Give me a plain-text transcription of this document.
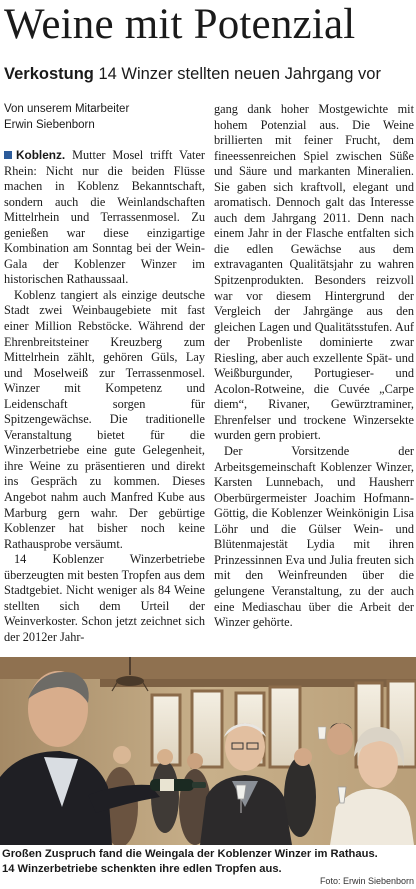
Weine mit Potenzial
Verkostung 14 Winzer stellten neuen Jahrgang vor
Von unserem Mitarbeiter
Erwin Siebenborn

Koblenz. Mutter Mosel trifft Vater Rhein: Nicht nur die beiden Flüsse machen in Koblenz Bekanntschaft, sondern auch die Weinlandschaften Mittelrhein und Terrassenmosel. Zu genießen war diese einzigartige Kombination am Sonntag bei der Wein-Gala der Koblenzer Winzer im historischen Rathaussaal.

Koblenz tangiert als einzige deutsche Stadt zwei Weinbaugebiete mit fast einer Million Rebstöcke. Während der Ehrenbreitsteiner Kreuzberg zum Mittelrhein zählt, gehören Güls, Lay und Moselweiß zur Terrassenmosel. Winzer mit Kompetenz und Leidenschaft sorgen für Spitzengewächse. Die traditionelle Veranstaltung bietet für die Winzerbetriebe eine gute Gelegenheit, ihre Weine zu präsentieren und direkt ins Gespräch zu kommen. Dieses Angebot nahm auch Manfred Kube aus Marburg gern wahr. Der gebürtige Koblenzer hat bisher noch keine Rathausprobe versäumt.

14 Koblenzer Winzerbetriebe überzeugten mit besten Tropfen aus dem Stadtgebiet. Nicht weniger als 84 Weine stellten sich dem Urteil der Weinverkoster. Schon jetzt zeichnet sich der 2012er Jahr-

gang dank hoher Mostgewichte mit hohem Potenzial aus. Die Weine brillierten mit feiner Frucht, dem fineessenreichen Spiel zwischen Süße und Säure und markanten Mineralien. Sie gaben sich kraftvoll, elegant und aromatisch. Dennoch galt das Interesse auch dem Jahrgang 2011. Denn nach einem Jahr in der Flasche entfalten sich die edlen Gewächse aus dem extravaganten Qualitätsjahr zu wahren Spitzenprodukten. Besonders reizvoll war vor diesem Hintergrund der Vergleich der Jahrgänge aus den gleichen Lagen und Qualitätsstufen. Auf der Probenliste dominierte zwar Riesling, aber auch exzellente Spät- und Weißburgunder, Portugieser- und Acolon-Rotweine, die Cuvée „Carpe diem“, Rivaner, Gewürztraminer, Ehrenfelser und trockene Winzersekte wurden gern probiert.

Der Vorsitzende der Arbeitsgemeinschaft Koblenzer Winzer, Karsten Lunnebach, und Hausherr Oberbürgermeister Joachim Hofmann-Göttig, die Koblenzer Weinkönigin Lisa Löhr und die Gülser Wein- und Blütenmajestät Lydia mit ihren Prinzessinnen Eva und Julia freuten sich mit den Weinfreunden über die gelungene Veranstaltung, zu der auch eine Mediaschau über die Arbeit der Winzer gehörte.

Großen Zuspruch fand die Weingala der Koblenzer Winzer im Rathaus.
14 Winzerbetriebe schenkten ihre edlen Tropfen aus.
Foto: Erwin Siebenborn
